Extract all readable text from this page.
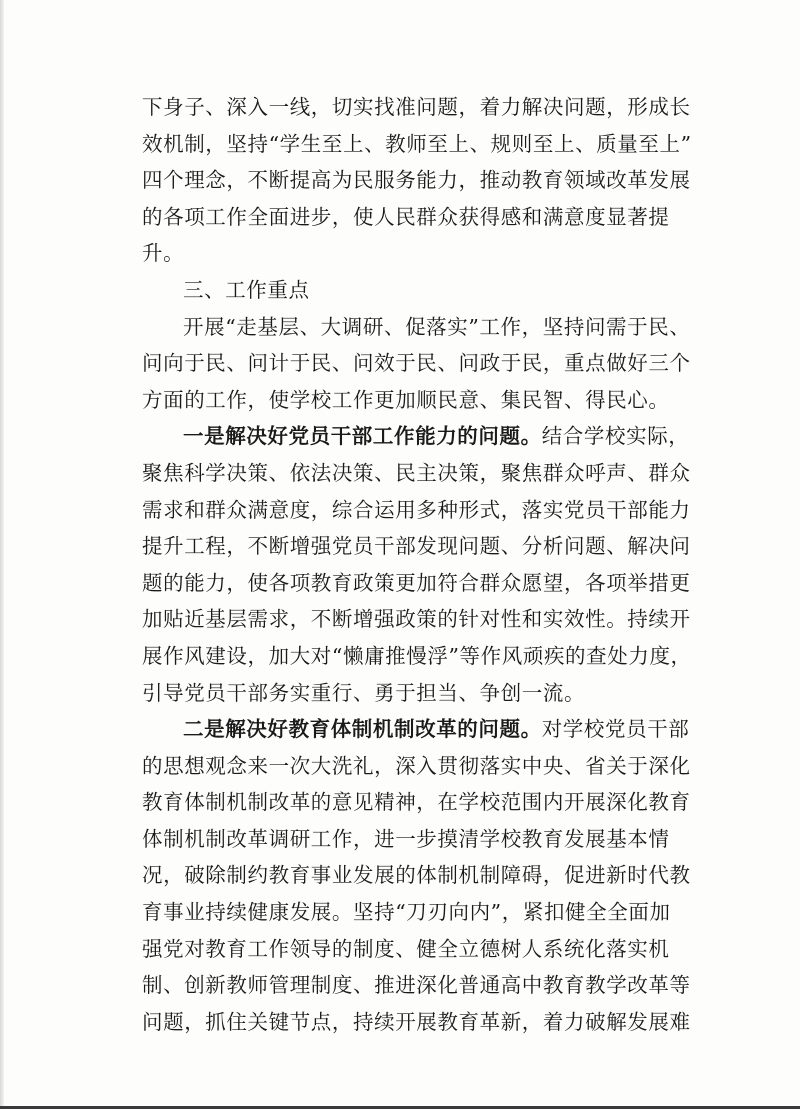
下身子、深入一线，切实找准问题，着力解决问题，形成长
效机制，坚持“学生至上、教师至上、规则至上、质量至上”
四个理念，不断提高为民服务能力，推动教育领域改革发展
的各项工作全面进步，使人民群众获得感和满意度显著提
升。
三、工作重点
开展“走基层、大调研、促落实”工作，坚持问需于民、
问向于民、问计于民、问效于民、问政于民，重点做好三个
方面的工作，使学校工作更加顺民意、集民智、得民心。
一是解决好党员干部工作能力的问题。结合学校实际，
聚焦科学决策、依法决策、民主决策，聚焦群众呼声、群众
需求和群众满意度，综合运用多种形式，落实党员干部能力
提升工程，不断增强党员干部发现问题、分析问题、解决问
题的能力，使各项教育政策更加符合群众愿望，各项举措更
加贴近基层需求，不断增强政策的针对性和实效性。持续开
展作风建设，加大对“懒庸推慢浮”等作风顽疾的查处力度，
引导党员干部务实重行、勇于担当、争创一流。
二是解决好教育体制机制改革的问题。对学校党员干部
的思想观念来一次大洗礼，深入贯彻落实中央、省关于深化
教育体制机制改革的意见精神，在学校范围内开展深化教育
体制机制改革调研工作，进一步摸清学校教育发展基本情
况，破除制约教育事业发展的体制机制障碍，促进新时代教
育事业持续健康发展。坚持“刀刃向内”，紧扣健全全面加
强党对教育工作领导的制度、健全立德树人系统化落实机
制、创新教师管理制度、推进深化普通高中教育教学改革等
问题，抓住关键节点，持续开展教育革新，着力破解发展难
